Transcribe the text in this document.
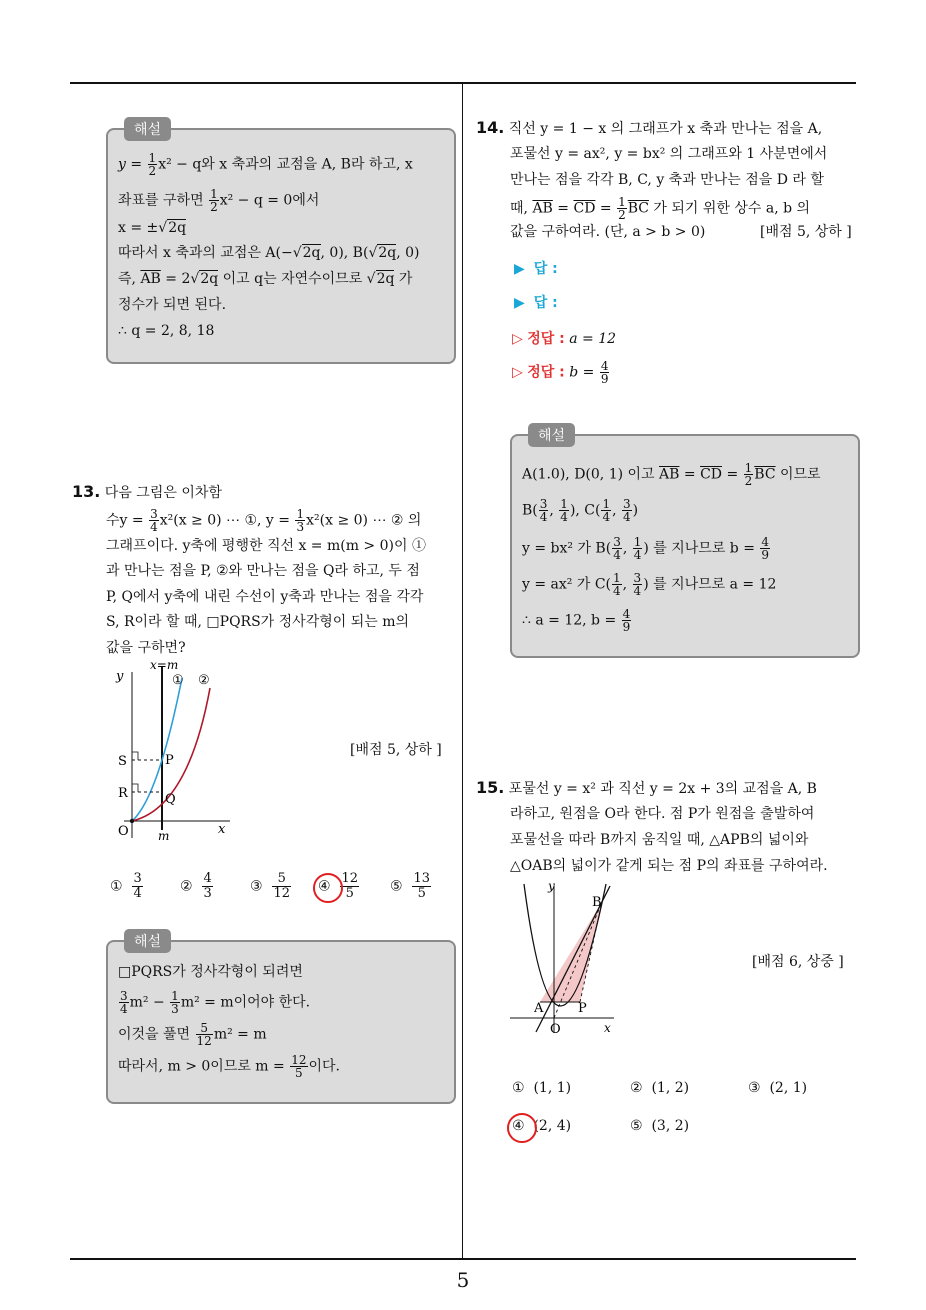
해설
$y = \frac{1}{2} x^2 - q$와 x 축과의 교점을 A, B라 하고, x
좌표를 구하면 $\frac{1}{2} x^2 - q = 0$에서
x = ±√2q
따라서 x 축과의 교점은 A(−√2q, 0), B(√2q, 0)
즉, $\overline{AB} = 2√2q$ 이고 q는 자연수이므로 √2q 가
정수가 되면 된다.
∴ q = 2, 8, 18
13. 다음 그림은 이차함
수$y = \frac{3}{4} x^2(x \ge 0)$ ⋯ ①, $y = \frac{1}{3} x^2(x \ge 0)$ ⋯ ② 의
그래프이다. y축에 평행한 직선 x = m(m > 0)이 ①
과 만나는 점을 P, ②와 만나는 점을 Q라 하고, 두 점
P, Q에서 y축에 내린 수선이 y축과 만나는 점을 각각
S, R이라 할 때, □PQRS가 정사각형이 되는 m의
값을 구하면?
y
x=m
① ②
S	P
R	Q
O m	x
[배점 5, 상하 ]
① $\frac{3}{4}$	② $\frac{4}{3}$	③ $\frac{5}{12}$ ④ $\frac{12}{5}$ ⑤ $\frac{13}{5}$
해설
□PQRS가 정사각형이 되려면
$\frac{3}{4} m^2 - \frac{1}{3} m^2 = m$이어야 한다.
이것을 풀면 $\frac{5}{12} m^2 = m$
따라서, m > 0이므로 $m = \frac{12}{5}$ 이다.
14. 직선 y = 1 − x 의 그래프가 x 축과 만나는 점을 A,
포물선 y = ax², y = bx² 의 그래프와 1 사분면에서
만나는 점을 각각 B, C, y 축과 만나는 점을 D 라 할
때, $\overline{AB} = \overline{CD} = \frac{1}{2} \overline{BC}$ 가 되기 위한 상수 a, b 의
값을 구하여라. (단, a > b > 0)	[배점 5, 상하 ]
▶ 답 :
▶ 답 :
▷ 정답 : a = 12
▷ 정답 : $b = \frac{4}{9}$
해설
A(1.0), D(0, 1) 이고 $\overline{AB} = \overline{CD} = \frac{1}{2} \overline{BC}$ 이므로
$B( \frac{3}{4}$ , $\frac{1}{4}$ ), $C( \frac{1}{4}$ , $\frac{3}{4}$ )
y = bx² 가 $B( \frac{3}{4}$ , $\frac{1}{4}$ ) 를 지나므로 $b = \frac{4}{9}$
y = ax² 가 $C( \frac{1}{4}$ , $\frac{3}{4}$ ) 를 지나므로 a = 12
∴ a = 12, $b = \frac{4}{9}$
15. 포물선 y = x² 과 직선 y = 2x + 3의 교점을 A, B
라하고, 원점을 O라 한다. 점 P가 원점을 출발하여
포물선을 따라 B까지 움직일 때, △APB의 넓이와
△OAB의 넓이가 같게 되는 점 P의 좌표를 구하여라.
y
B
A	P
O	x
[배점 6, 상중 ]
① (1, 1)	② (1, 2)	③ (2, 1)
④ (2, 4)	⑤ (3, 2)
5
